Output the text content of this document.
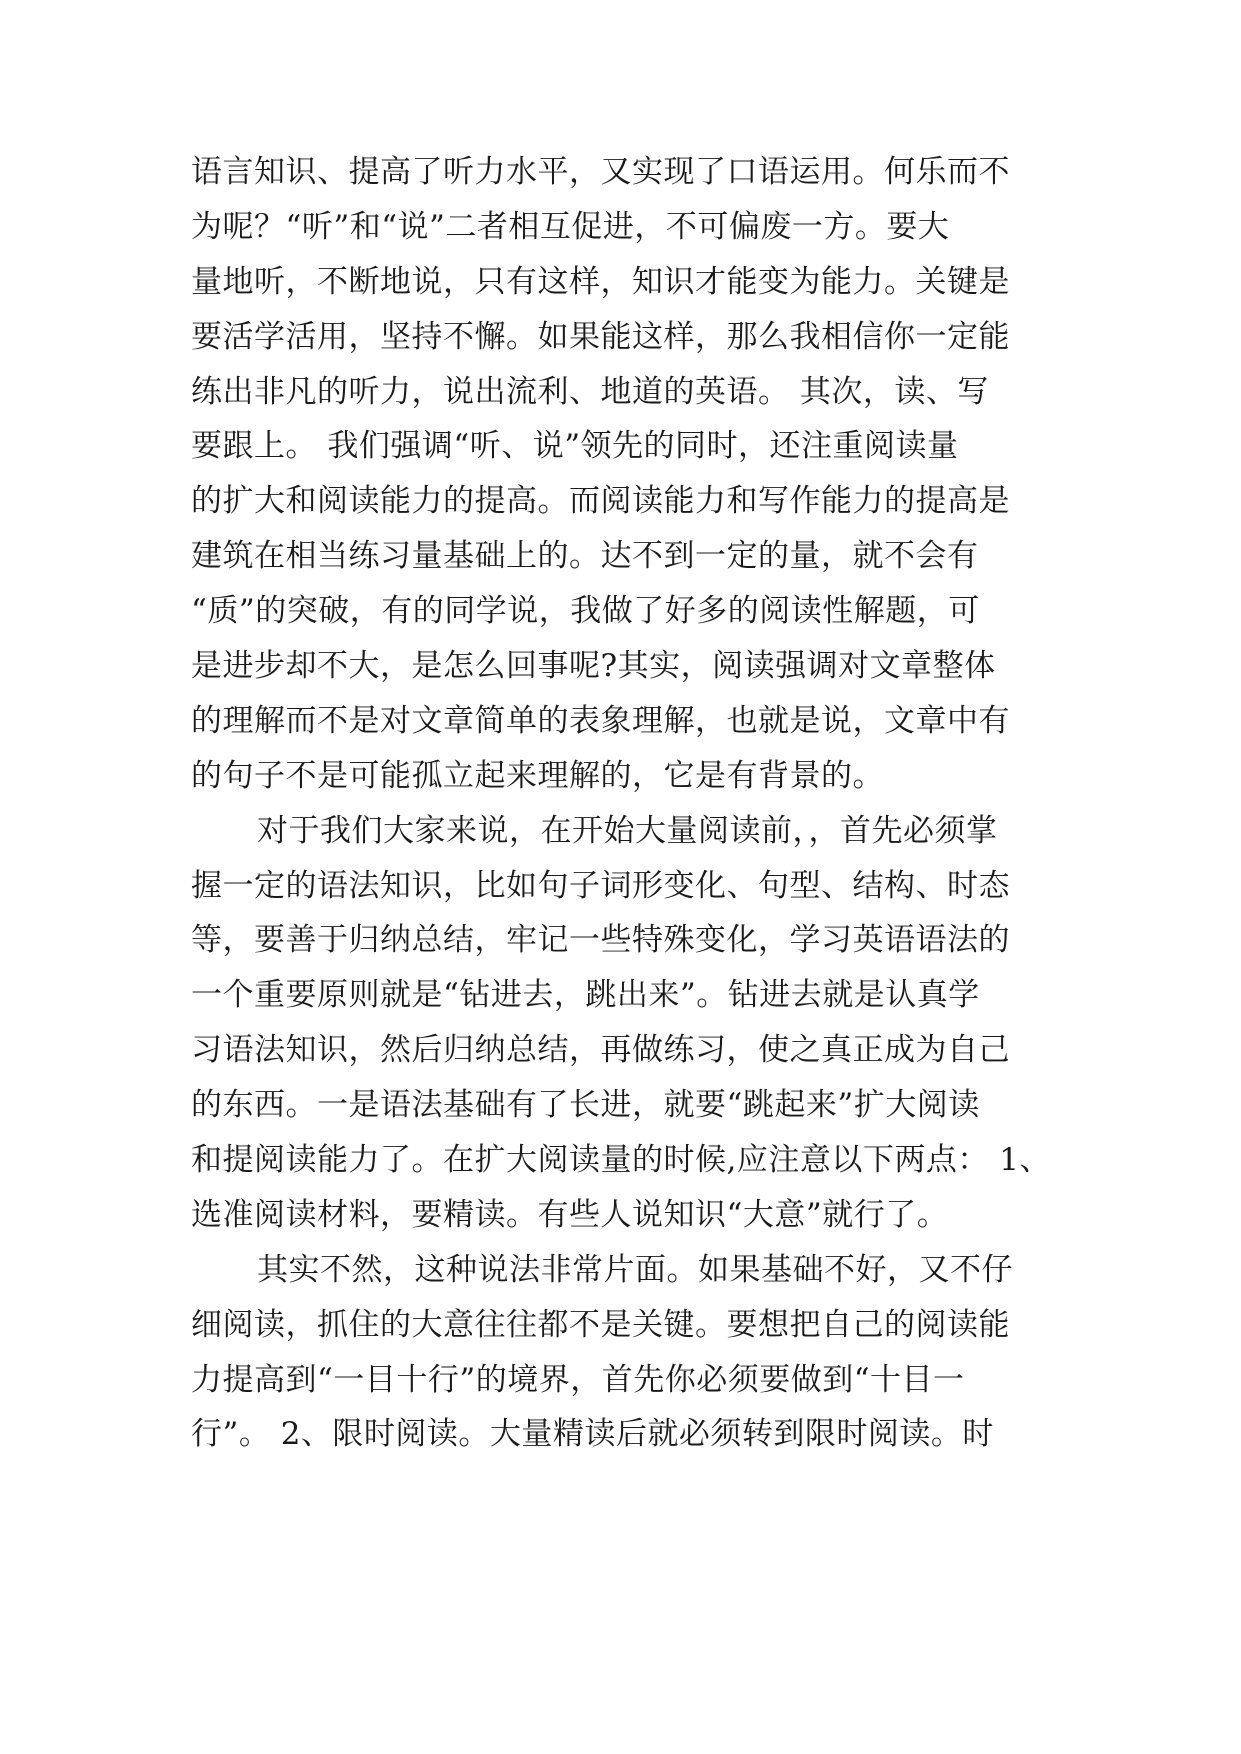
语言知识、提高了听力水平，又实现了口语运用。何乐而不
为呢？“听”和“说”二者相互促进，不可偏废一方。要大
量地听，不断地说，只有这样，知识才能变为能力。关键是
要活学活用，坚持不懈。如果能这样，那么我相信你一定能
练出非凡的听力，说出流利、地道的英语。 其次，读、写
要跟上。 我们强调“听、说”领先的同时，还注重阅读量
的扩大和阅读能力的提高。而阅读能力和写作能力的提高是
建筑在相当练习量基础上的。达不到一定的量，就不会有
“质”的突破，有的同学说，我做了好多的阅读性解题，可
是进步却不大，是怎么回事呢?其实，阅读强调对文章整体
的理解而不是对文章简单的表象理解，也就是说，文章中有
的句子不是可能孤立起来理解的，它是有背景的。
对于我们大家来说，在开始大量阅读前，，首先必须掌
握一定的语法知识，比如句子词形变化、句型、结构、时态
等，要善于归纳总结，牢记一些特殊变化，学习英语语法的
一个重要原则就是“钻进去，跳出来”。钻进去就是认真学
习语法知识，然后归纳总结，再做练习，使之真正成为自己
的东西。一是语法基础有了长进，就要“跳起来”扩大阅读
和提阅读能力了。在扩大阅读量的时候,应注意以下两点： 1、
选准阅读材料，要精读。有些人说知识“大意”就行了。
其实不然，这种说法非常片面。如果基础不好，又不仔
细阅读，抓住的大意往往都不是关键。要想把自己的阅读能
力提高到“一目十行”的境界，首先你必须要做到“十目一
行”。 2、限时阅读。大量精读后就必须转到限时阅读。时
